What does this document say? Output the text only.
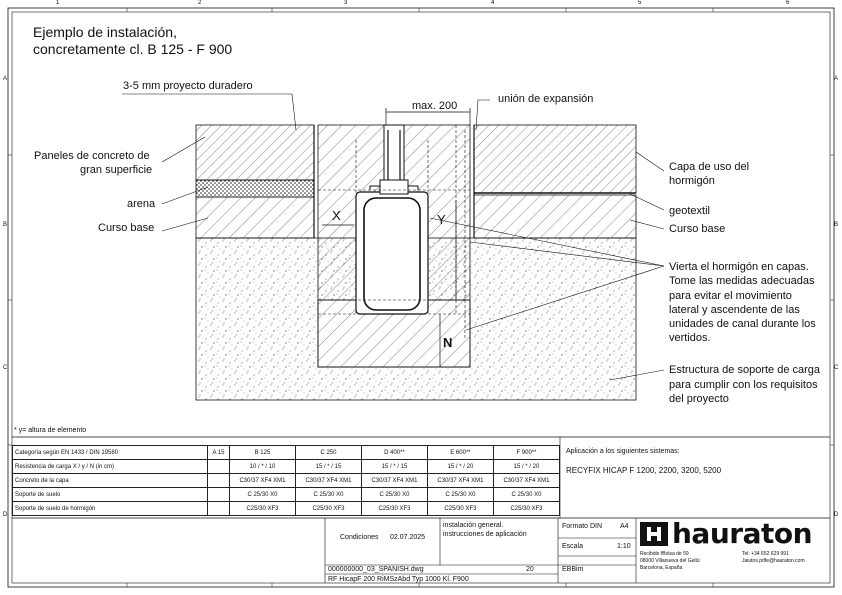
1	2	3	4	5	6
A
B
C
D
A
B
C
D
Ejemplo de instalación,
concretamente cl. B 125 - F 900
3-5 mm proyecto duradero
max. 200
unión de expansión
Paneles de concreto de
gran superficie
arena
Curso base
Capa de uso del
hormigón
geotextil
Curso base
Vierta el hormigón en capas.
Tome las medidas adecuadas
para evitar el movimiento
lateral y ascendente de las
unidades de canal durante los
vertidos.
Estructura de soporte de carga
para cumplir con los requisitos
del proyecto
X	Y
N
* y= altura de elemento
Categoría según EN 1433 / DIN 19580	A 15	B 125	C 250	D 400**	E 600**	F 900**
Resistencia de carga X / y / N (in cm)		10 / * / 10	15 / * / 15	15 / * / 15	15 / * / 20	15 / * / 20
Concreto de la capa		C30/37 XF4 XM1	C30/37 XF4 XM1	C30/37 XF4 XM1	C30/37 XF4 XM1	C30/37 XF4 XM1
Soporte de suelo		C 25/30 X0	C 25/30 X0	C 25/30 X0	C 25/30 X0	C 25/30 X0
Soporte de suelo de hormigón		C25/30 XF3	C25/30 XF3	C25/30 XF3	C25/30 XF3	C25/30 XF3
Aplicación a los siguientes sistemas:
RECYFIX HICAP F 1200, 2200, 3200, 5200
Condiciones 02.07.2025
instalación general.
instrucciones de aplicación
Formato DIN	A4
Escala	1:10
000000000_03_SPANISH.dwg	20	EBBim
RF HicapF 200 RiMSzAbd Typ 1000 Kl. F900
hauraton
Recibido fBolsa de 59
08000 Villanueva del Geltú
Barcelona, España
Tel: +34 652 629 991
Jaiutos.pdfe@hauraton.com
